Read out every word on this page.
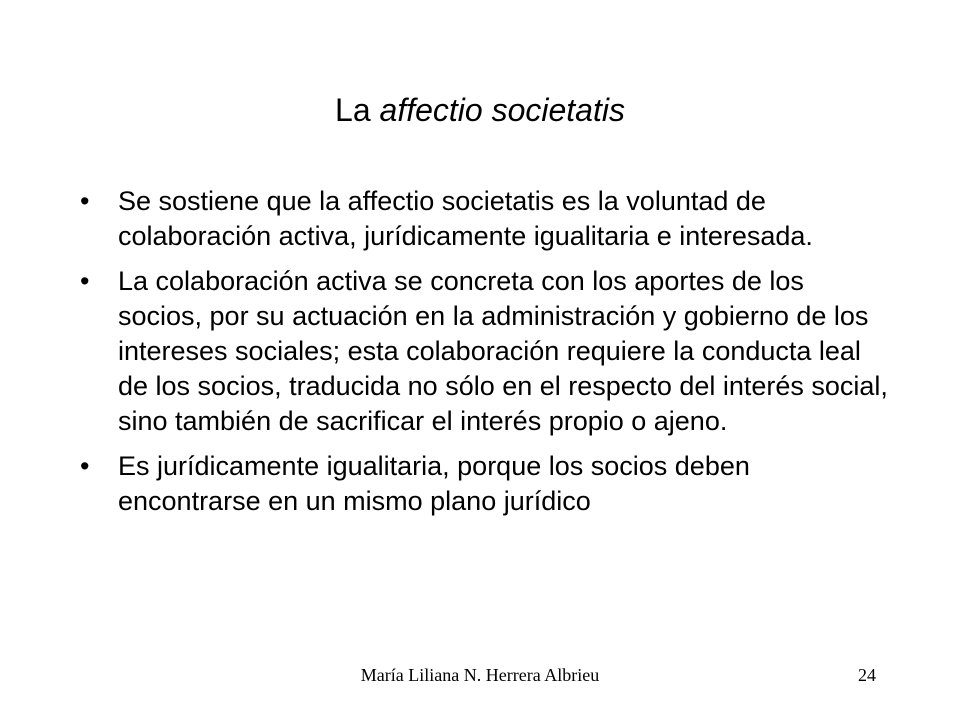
La affectio societatis
•	Se sostiene que la affectio societatis es la voluntad de colaboración activa, jurídicamente igualitaria e interesada.
•	La colaboración activa se concreta con los aportes de los socios, por su actuación en la administración y gobierno de los intereses sociales; esta colaboración requiere la conducta leal de los socios, traducida no sólo en el respecto del interés social, sino también de sacrificar el interés propio o ajeno.
•	Es jurídicamente igualitaria, porque los socios deben encontrarse en un mismo plano jurídico
María Liliana N. Herrera Albrieu	24
